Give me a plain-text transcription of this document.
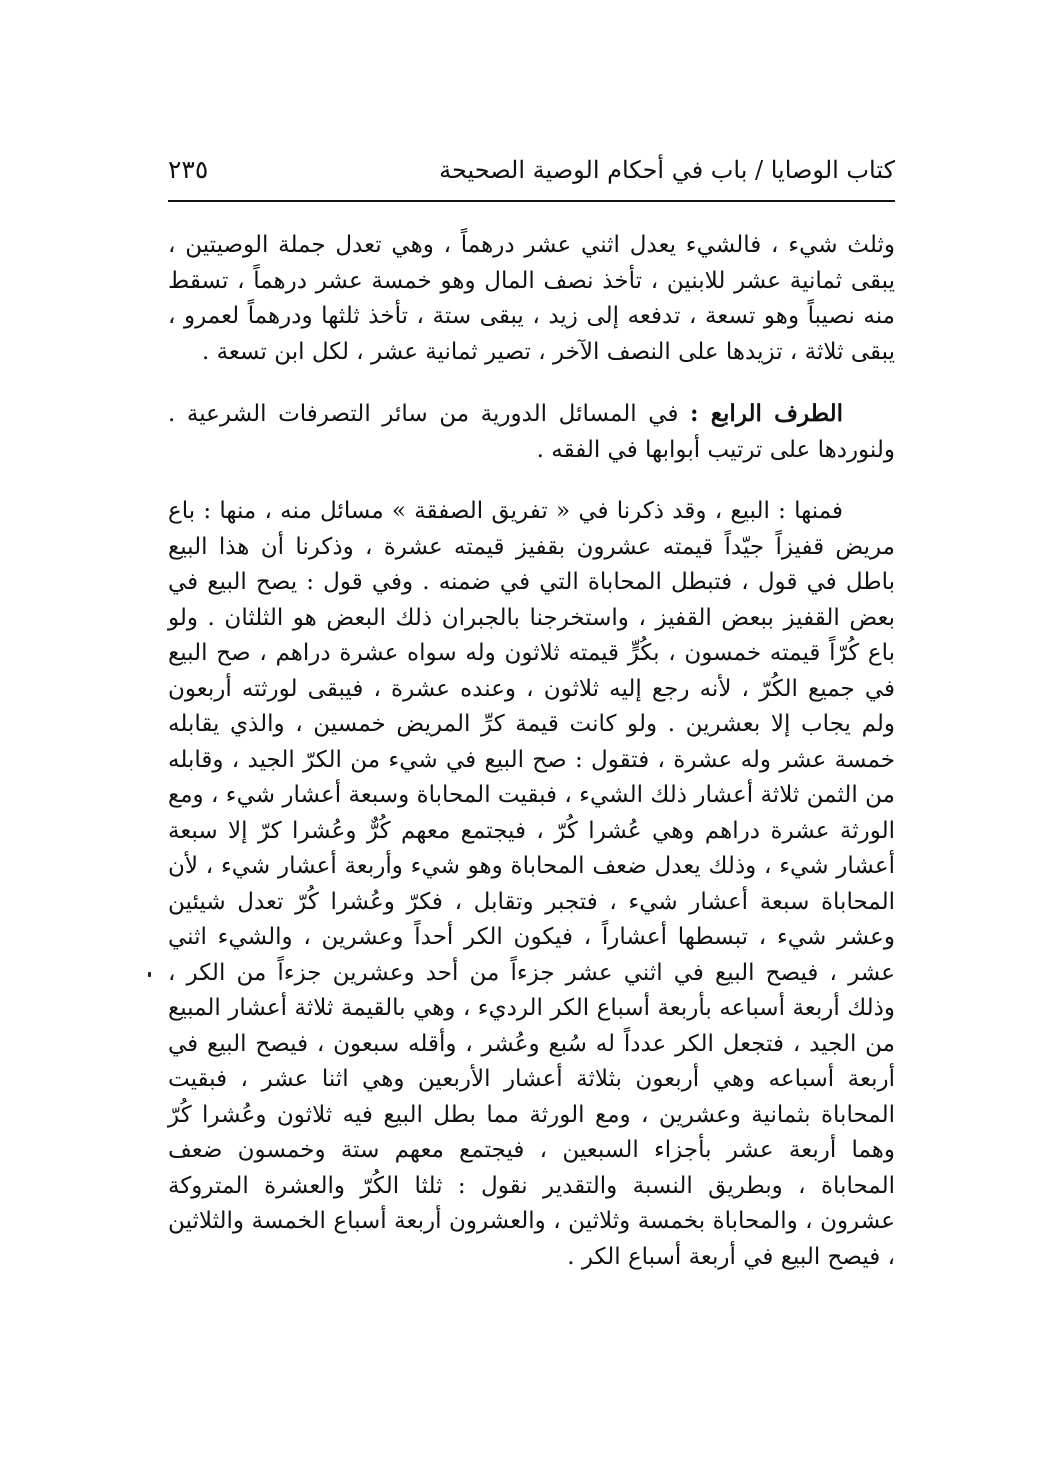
كتاب الوصايا / باب في أحكام الوصية الصحيحة
٢٣٥

وثلث شيء ، فالشيء يعدل اثني عشر درهماً ، وهي تعدل جملة الوصيتين ، يبقى ثمانية عشر للابنين ، تأخذ نصف المال وهو خمسة عشر درهماً ، تسقط منه نصيباً وهو تسعة ، تدفعه إلى زيد ، يبقى ستة ، تأخذ ثلثها ودرهماً لعمرو ، يبقى ثلاثة ، تزيدها على النصف الآخر ، تصير ثمانية عشر ، لكل ابن تسعة .

الطرف الرابع : في المسائل الدورية من سائر التصرفات الشرعية . ولنوردها على ترتيب أبوابها في الفقه .

فمنها : البيع ، وقد ذكرنا في « تفريق الصفقة » مسائل منه ، منها : باع مريض قفيزاً جيّداً قيمته عشرون بقفيز قيمته عشرة ، وذكرنا أن هذا البيع باطل في قول ، فتبطل المحاباة التي في ضمنه . وفي قول : يصح البيع في بعض القفيز ببعض القفيز ، واستخرجنا بالجبران ذلك البعض هو الثلثان . ولو باع كُرّاً قيمته خمسون ، بكُرٍّ قيمته ثلاثون وله سواه عشرة دراهم ، صح البيع في جميع الكُرّ ، لأنه رجع إليه ثلاثون ، وعنده عشرة ، فيبقى لورثته أربعون ولم يجاب إلا بعشرين . ولو كانت قيمة كرِّ المريض خمسين ، والذي يقابله خمسة عشر وله عشرة ، فتقول : صح البيع في شيء من الكرّ الجيد ، وقابله من الثمن ثلاثة أعشار ذلك الشيء ، فبقيت المحاباة وسبعة أعشار شيء ، ومع الورثة عشرة دراهم وهي عُشرا كُرّ ، فيجتمع معهم كُرٌّ وعُشرا كرّ إلا سبعة أعشار شيء ، وذلك يعدل ضعف المحاباة وهو شيء وأربعة أعشار شيء ، لأن المحاباة سبعة أعشار شيء ، فتجبر وتقابل ، فكرّ وعُشرا كُرّ تعدل شيئين وعشر شيء ، تبسطها أعشاراً ، فيكون الكر أحداً وعشرين ، والشيء اثني عشر ، فيصح البيع في اثني عشر جزءاً من أحد وعشرين جزءاً من الكر ، وذلك أربعة أسباعه بأربعة أسباع الكر الرديء ، وهي بالقيمة ثلاثة أعشار المبيع من الجيد ، فتجعل الكر عدداً له سُبع وعُشر ، وأقله سبعون ، فيصح البيع في أربعة أسباعه وهي أربعون بثلاثة أعشار الأربعين وهي اثنا عشر ، فبقيت المحاباة بثمانية وعشرين ، ومع الورثة مما بطل البيع فيه ثلاثون وعُشرا كُرّ وهما أربعة عشر بأجزاء السبعين ، فيجتمع معهم ستة وخمسون ضعف المحاباة ، وبطريق النسبة والتقدير نقول : ثلثا الكُرّ والعشرة المتروكة عشرون ، والمحاباة بخمسة وثلاثين ، والعشرون أربعة أسباع الخمسة والثلاثين ، فيصح البيع في أربعة أسباع الكر .
